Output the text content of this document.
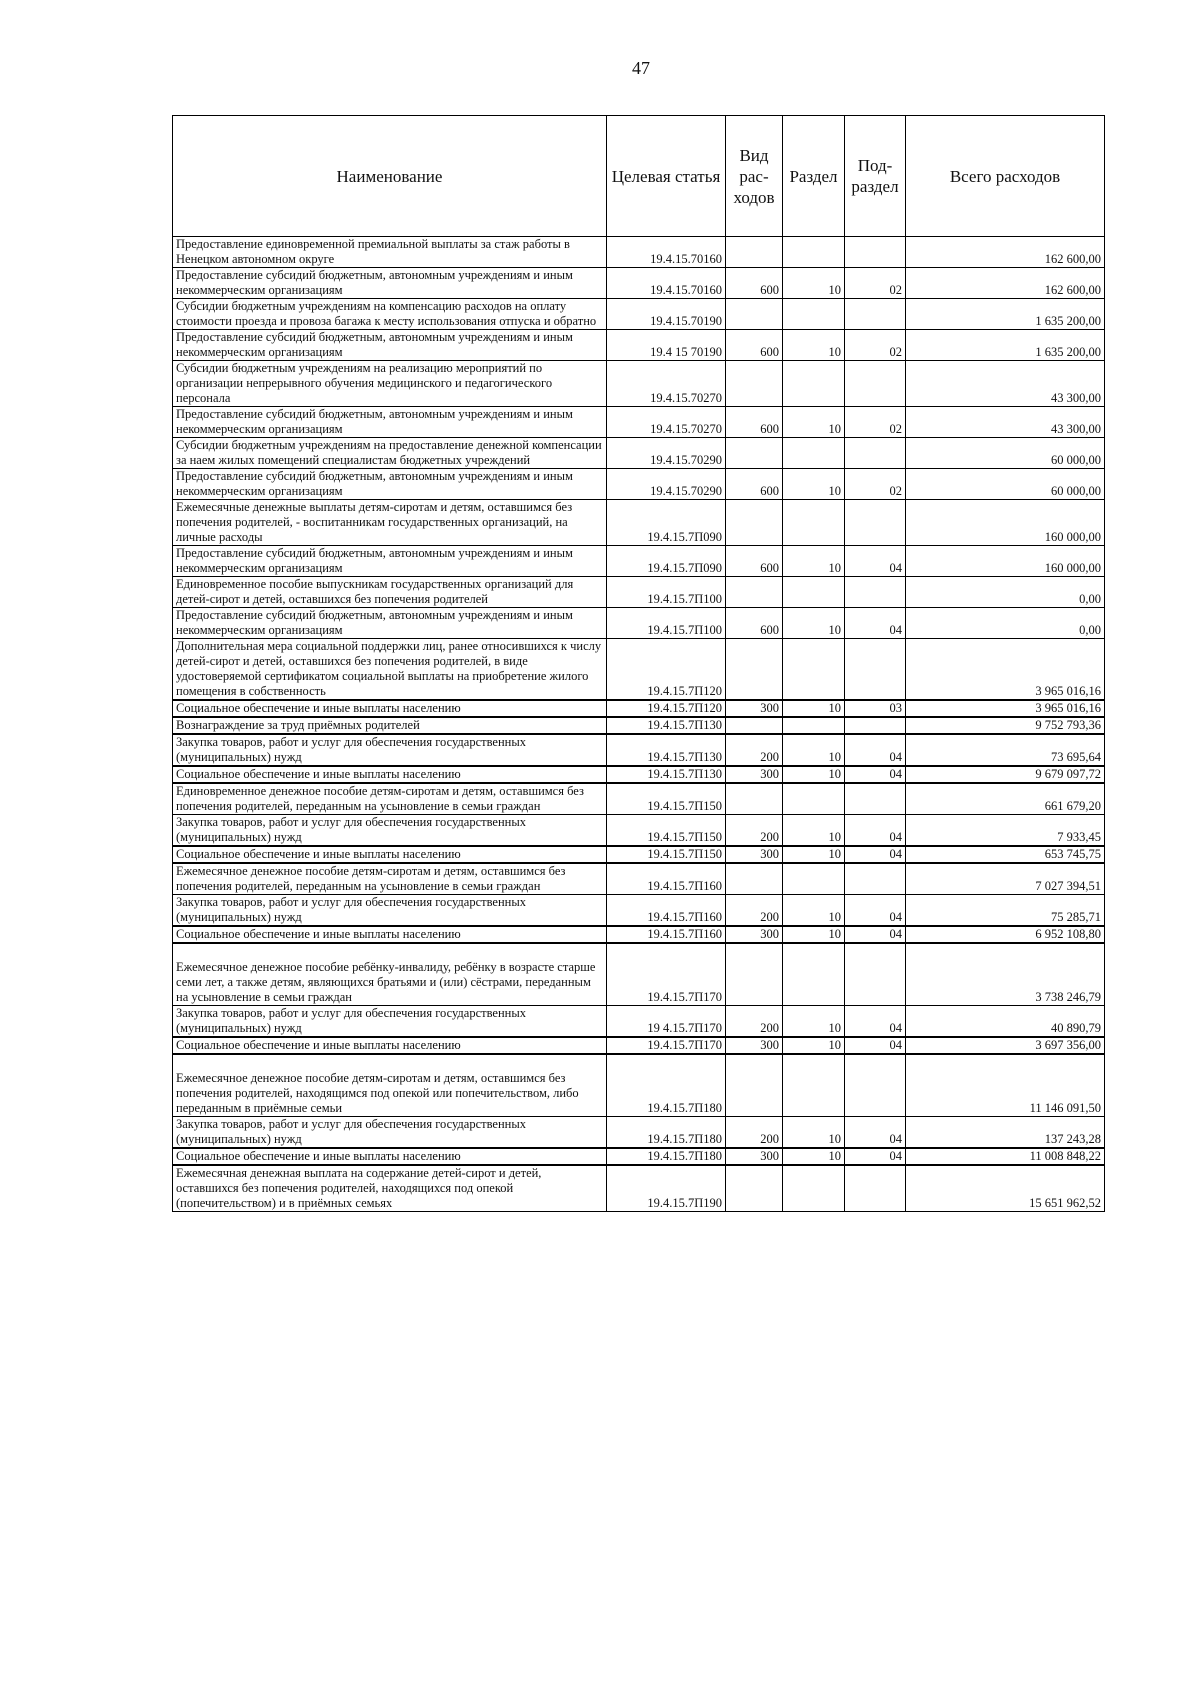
47
Наименование	Целевая статья	Вид рас-ходов	Раздел	Под-раздел	Всего расходов
Предоставление единовременной премиальной выплаты за стаж работы в Ненецком автономном округе	19.4.15.70160				162 600,00
Предоставление субсидий бюджетным, автономным учреждениям и иным некоммерческим организациям	19.4.15.70160	600	10	02	162 600,00
Субсидии бюджетным учреждениям на компенсацию расходов на оплату стоимости проезда и провоза багажа к месту использования отпуска и обратно	19.4.15.70190				1 635 200,00
Предоставление субсидий бюджетным, автономным учреждениям и иным некоммерческим организациям	19.4 15 70190	600	10	02	1 635 200,00
Субсидии бюджетным учреждениям на реализацию мероприятий по организации непрерывного обучения медицинского и педагогического персонала	19.4.15.70270				43 300,00
Предоставление субсидий бюджетным, автономным учреждениям и иным некоммерческим организациям	19.4.15.70270	600	10	02	43 300,00
Субсидии бюджетным учреждениям на предоставление денежной компенсации за наем жилых помещений специалистам бюджетных учреждений	19.4.15.70290				60 000,00
Предоставление субсидий бюджетным, автономным учреждениям и иным некоммерческим организациям	19.4.15.70290	600	10	02	60 000,00
Ежемесячные денежные выплаты детям-сиротам и детям, оставшимся без попечения родителей, - воспитанникам государственных организаций, на личные расходы	19.4.15.7П090				160 000,00
Предоставление субсидий бюджетным, автономным учреждениям и иным некоммерческим организациям	19.4.15.7П090	600	10	04	160 000,00
Единовременное пособие выпускникам государственных организаций для детей-сирот и детей, оставшихся без попечения родителей	19.4.15.7П100				0,00
Предоставление субсидий бюджетным, автономным учреждениям и иным некоммерческим организациям	19.4.15.7П100	600	10	04	0,00
Дополнительная мера социальной поддержки лиц, ранее относившихся к числу детей-сирот и детей, оставшихся без попечения родителей, в виде удостоверяемой сертификатом социальной выплаты на приобретение жилого помещения в собственность	19.4.15.7П120				3 965 016,16
Социальное обеспечение и иные выплаты населению	19.4.15.7П120	300	10	03	3 965 016,16
Вознаграждение за труд приёмных родителей	19.4.15.7П130				9 752 793,36
Закупка товаров, работ и услуг для обеспечения государственных (муниципальных) нужд	19.4.15.7П130	200	10	04	73 695,64
Социальное обеспечение и иные выплаты населению	19.4.15.7П130	300	10	04	9 679 097,72
Единовременное денежное пособие детям-сиротам и детям, оставшимся без попечения родителей, переданным на усыновление в семьи граждан	19.4.15.7П150				661 679,20
Закупка товаров, работ и услуг для обеспечения государственных (муниципальных) нужд	19.4.15.7П150	200	10	04	7 933,45
Социальное обеспечение и иные выплаты населению	19.4.15.7П150	300	10	04	653 745,75
Ежемесячное денежное пособие детям-сиротам и детям, оставшимся без попечения родителей, переданным на усыновление в семьи граждан	19.4.15.7П160				7 027 394,51
Закупка товаров, работ и услуг для обеспечения государственных (муниципальных) нужд	19.4.15.7П160	200	10	04	75 285,71
Социальное обеспечение и иные выплаты населению	19.4.15.7П160	300	10	04	6 952 108,80
Ежемесячное денежное пособие ребёнку-инвалиду, ребёнку в возрасте старше семи лет, а также детям, являющихся братьями и (или) сёстрами, переданным на усыновление в семьи граждан	19.4.15.7П170				3 738 246,79
Закупка товаров, работ и услуг для обеспечения государственных (муниципальных) нужд	19 4.15.7П170	200	10	04	40 890,79
Социальное обеспечение и иные выплаты населению	19.4.15.7П170	300	10	04	3 697 356,00
Ежемесячное денежное пособие детям-сиротам и детям, оставшимся без попечения родителей, находящимся под опекой или попечительством, либо переданным в приёмные семьи	19.4.15.7П180				11 146 091,50
Закупка товаров, работ и услуг для обеспечения государственных (муниципальных) нужд	19.4.15.7П180	200	10	04	137 243,28
Социальное обеспечение и иные выплаты населению	19.4.15.7П180	300	10	04	11 008 848,22
Ежемесячная денежная выплата на содержание детей-сирот и детей, оставшихся без попечения родителей, находящихся под опекой (попечительством) и в приёмных семьях	19.4.15.7П190				15 651 962,52
